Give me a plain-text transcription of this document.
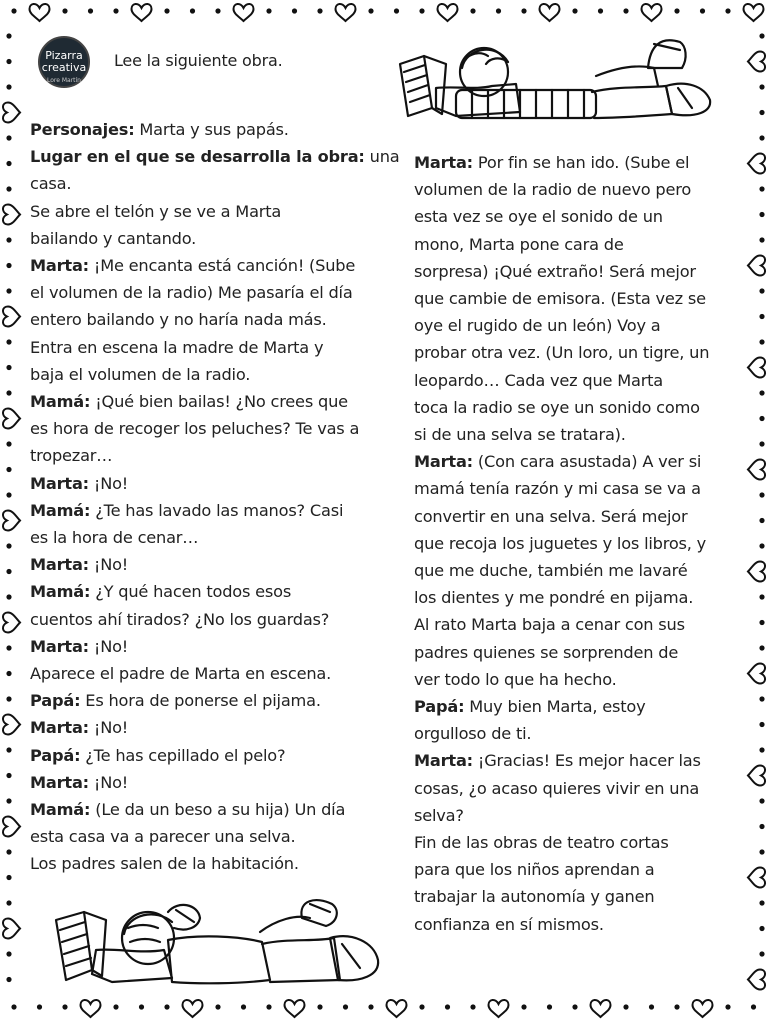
Pizarra
creativa
Lore Martín
Lee la siguiente obra.
Personajes: Marta y sus papás.
Lugar en el que se desarrolla la obra: una
casa.
Se abre el telón y se ve a Marta
bailando y cantando.
Marta: ¡Me encanta está canción! (Sube
el volumen de la radio) Me pasaría el día
entero bailando y no haría nada más.
Entra en escena la madre de Marta y
baja el volumen de la radio.
Mamá: ¡Qué bien bailas! ¿No crees que
es hora de recoger los peluches? Te vas a
tropezar…
Marta: ¡No!
Mamá: ¿Te has lavado las manos? Casi
es la hora de cenar…
Marta: ¡No!
Mamá: ¿Y qué hacen todos esos
cuentos ahí tirados? ¿No los guardas?
Marta: ¡No!
Aparece el padre de Marta en escena.
Papá: Es hora de ponerse el pijama.
Marta: ¡No!
Papá: ¿Te has cepillado el pelo?
Marta: ¡No!
Mamá: (Le da un beso a su hija) Un día
esta casa va a parecer una selva.
Los padres salen de la habitación.
Marta: Por fin se han ido. (Sube el
volumen de la radio de nuevo pero
esta vez se oye el sonido de un
mono, Marta pone cara de
sorpresa) ¡Qué extraño! Será mejor
que cambie de emisora. (Esta vez se
oye el rugido de un león) Voy a
probar otra vez. (Un loro, un tigre, un
leopardo… Cada vez que Marta
toca la radio se oye un sonido como
si de una selva se tratara).
Marta: (Con cara asustada) A ver si
mamá tenía razón y mi casa se va a
convertir en una selva. Será mejor
que recoja los juguetes y los libros, y
que me duche, también me lavaré
los dientes y me pondré en pijama.
Al rato Marta baja a cenar con sus
padres quienes se sorprenden de
ver todo lo que ha hecho.
Papá: Muy bien Marta, estoy
orgulloso de ti.
Marta: ¡Gracias! Es mejor hacer las
cosas, ¿o acaso quieres vivir en una
selva?
Fin de las obras de teatro cortas
para que los niños aprendan a
trabajar la autonomía y ganen
confianza en sí mismos.
